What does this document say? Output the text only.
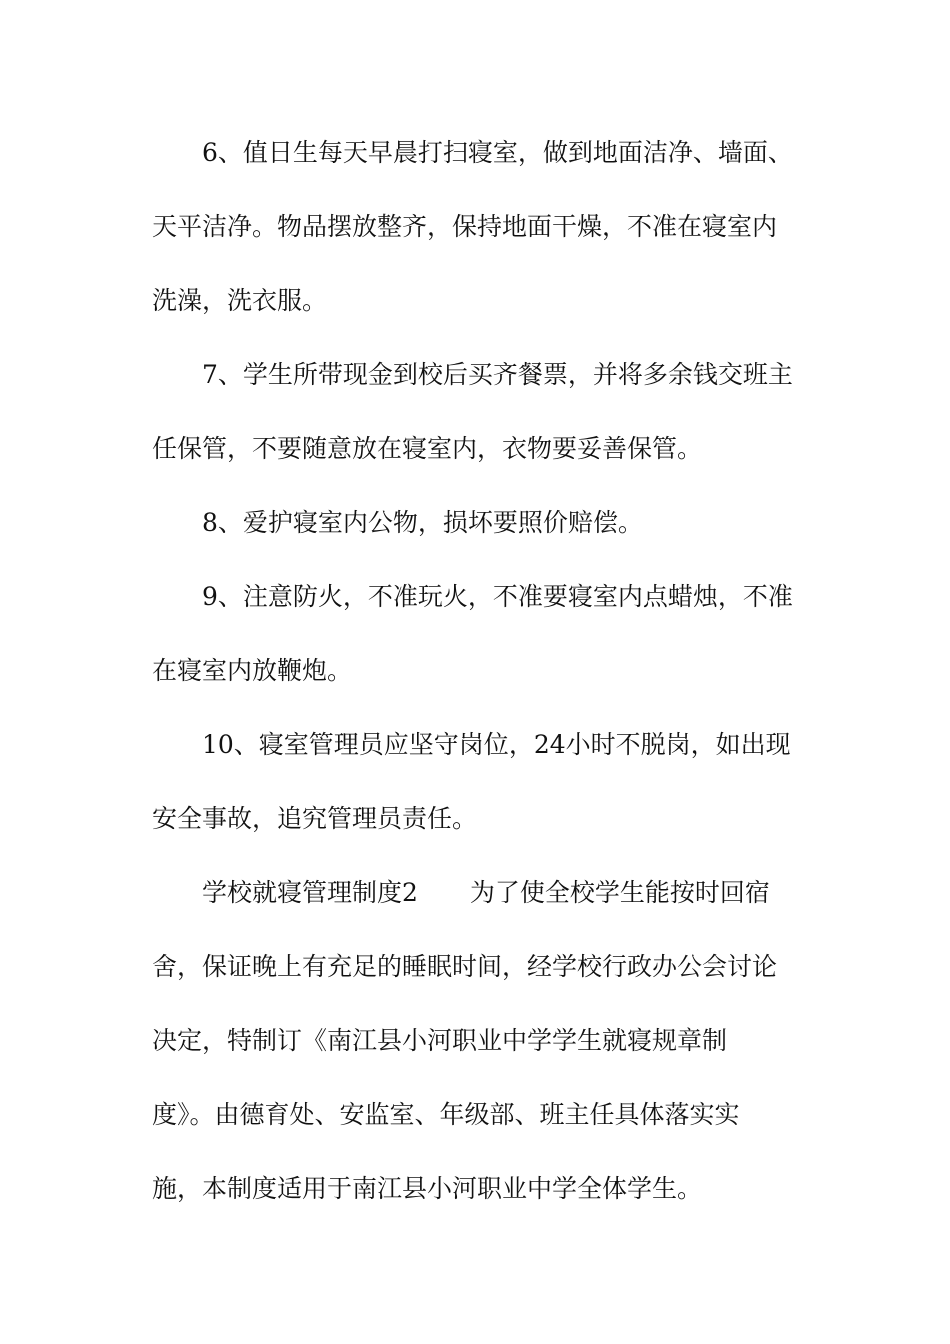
6、值日生每天早晨打扫寝室，做到地面洁净、墙面、
天平洁净。物品摆放整齐，保持地面干燥，不准在寝室内
洗澡，洗衣服。
7、学生所带现金到校后买齐餐票，并将多余钱交班主
任保管，不要随意放在寝室内，衣物要妥善保管。
8、爱护寝室内公物，损坏要照价赔偿。
9、注意防火，不准玩火，不准要寝室内点蜡烛，不准
在寝室内放鞭炮。
10、寝室管理员应坚守岗位，24小时不脱岗，如出现
安全事故，追究管理员责任。
学校就寝管理制度2 为了使全校学生能按时回宿
舍，保证晚上有充足的睡眠时间，经学校行政办公会讨论
决定，特制订《南江县小河职业中学学生就寝规章制
度》。由德育处、安监室、年级部、班主任具体落实实
施，本制度适用于南江县小河职业中学全体学生。
